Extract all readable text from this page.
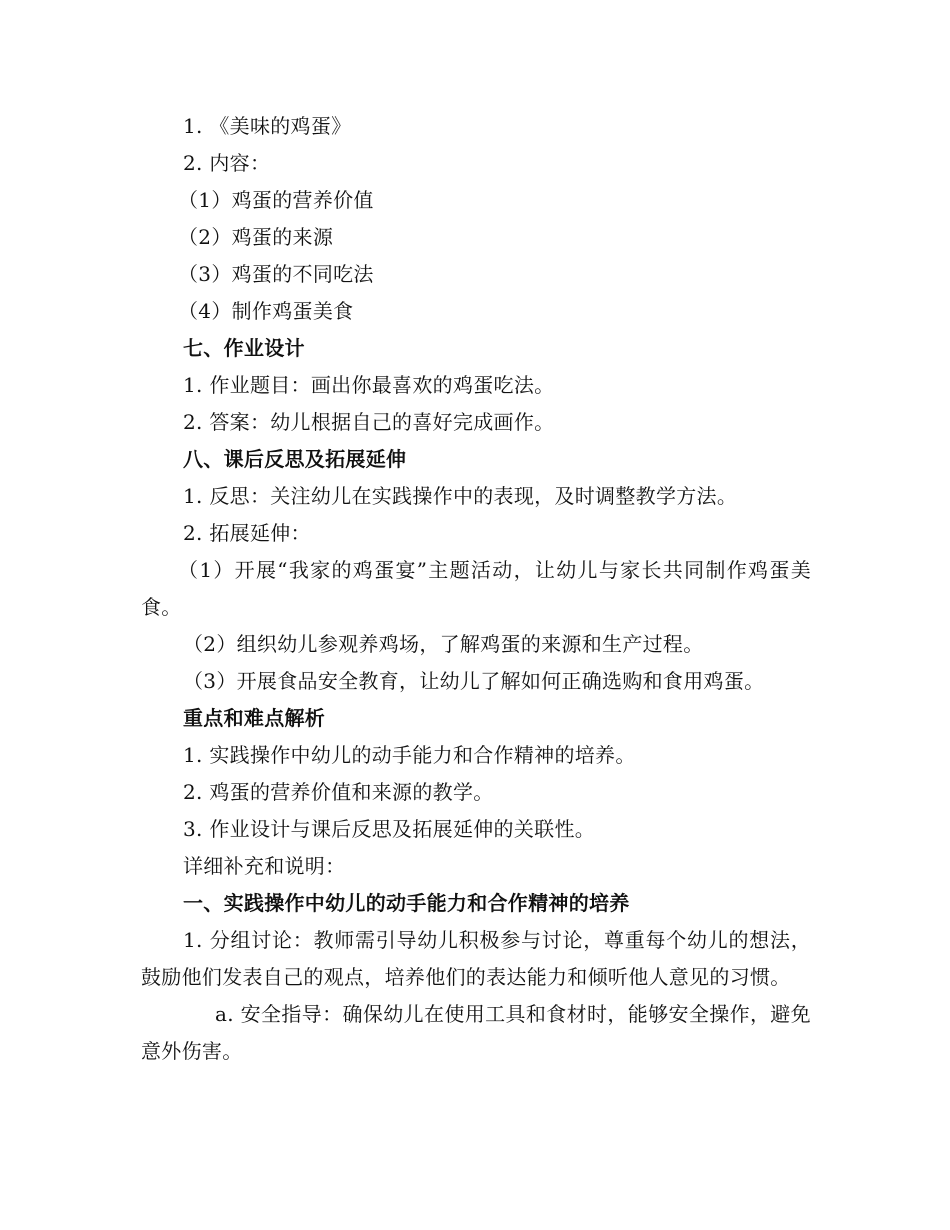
1. 《美味的鸡蛋》
2. 内容：
（1）鸡蛋的营养价值
（2）鸡蛋的来源
（3）鸡蛋的不同吃法
（4）制作鸡蛋美食
七、作业设计
1. 作业题目：画出你最喜欢的鸡蛋吃法。
2. 答案：幼儿根据自己的喜好完成画作。
八、课后反思及拓展延伸
1. 反思：关注幼儿在实践操作中的表现，及时调整教学方法。
2. 拓展延伸：
（1）开展“我家的鸡蛋宴”主题活动，让幼儿与家长共同制作鸡蛋美食。
（2）组织幼儿参观养鸡场，了解鸡蛋的来源和生产过程。
（3）开展食品安全教育，让幼儿了解如何正确选购和食用鸡蛋。
重点和难点解析
1. 实践操作中幼儿的动手能力和合作精神的培养。
2. 鸡蛋的营养价值和来源的教学。
3. 作业设计与课后反思及拓展延伸的关联性。
详细补充和说明：
一、实践操作中幼儿的动手能力和合作精神的培养
1. 分组讨论：教师需引导幼儿积极参与讨论，尊重每个幼儿的想法，鼓励他们发表自己的观点，培养他们的表达能力和倾听他人意见的习惯。
a. 安全指导：确保幼儿在使用工具和食材时，能够安全操作，避免意外伤害。
